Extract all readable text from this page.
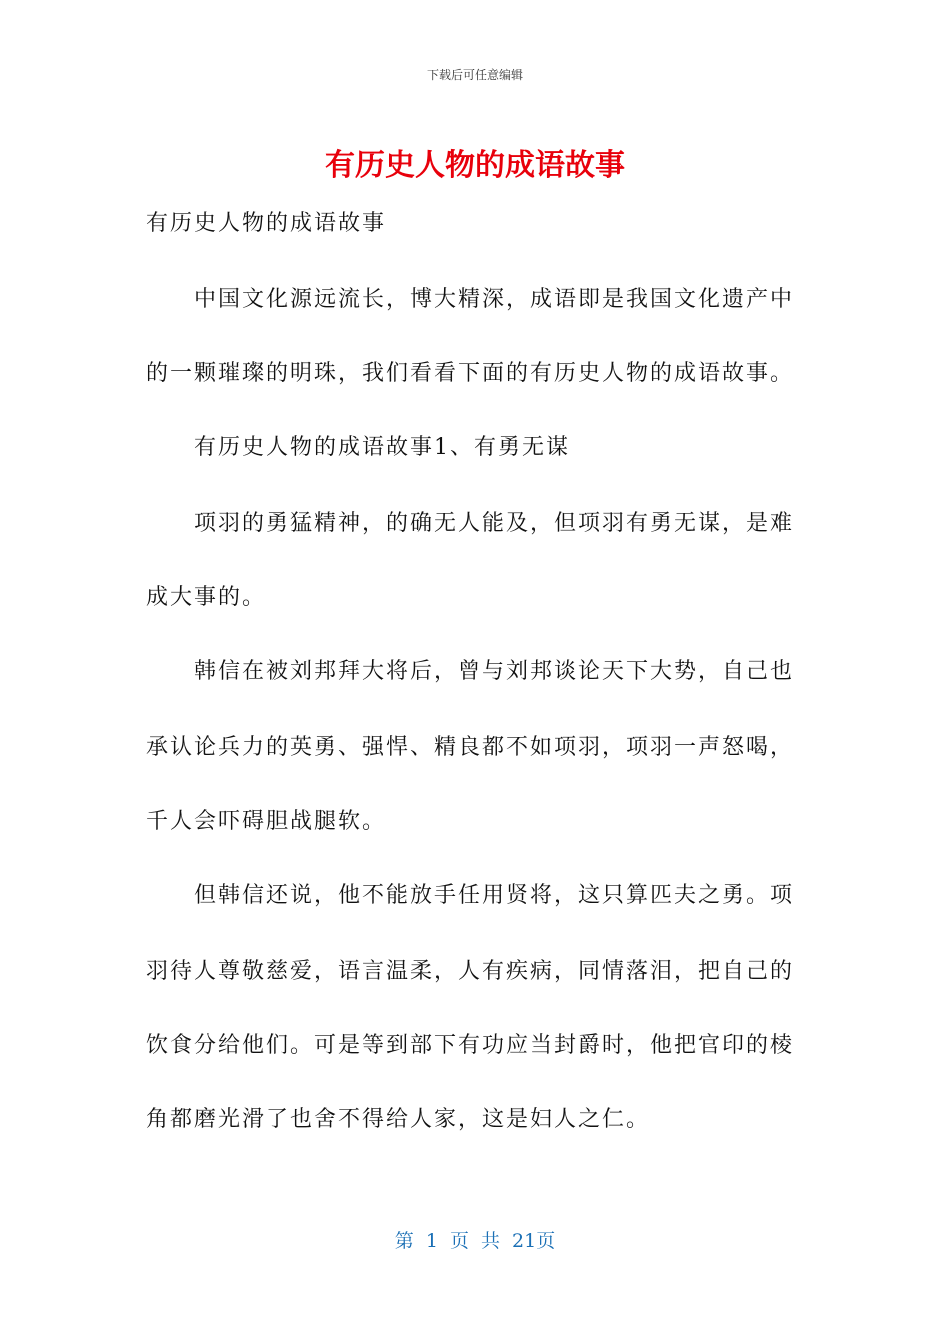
下载后可任意编辑
有历史人物的成语故事
有历史人物的成语故事
　　中国文化源远流长，博大精深，成语即是我国文化遗产中
的一颗璀璨的明珠，我们看看下面的有历史人物的成语故事。
　　有历史人物的成语故事1、有勇无谋
　　项羽的勇猛精神，的确无人能及，但项羽有勇无谋，是难
成大事的。
　　韩信在被刘邦拜大将后，曾与刘邦谈论天下大势，自己也
承认论兵力的英勇、强悍、精良都不如项羽，项羽一声怒喝，
千人会吓碍胆战腿软。
　　但韩信还说，他不能放手任用贤将，这只算匹夫之勇。项
羽待人尊敬慈爱，语言温柔，人有疾病，同情落泪，把自己的
饮食分给他们。可是等到部下有功应当封爵时，他把官印的棱
角都磨光滑了也舍不得给人家，这是妇人之仁。
第 1 页 共 21页
